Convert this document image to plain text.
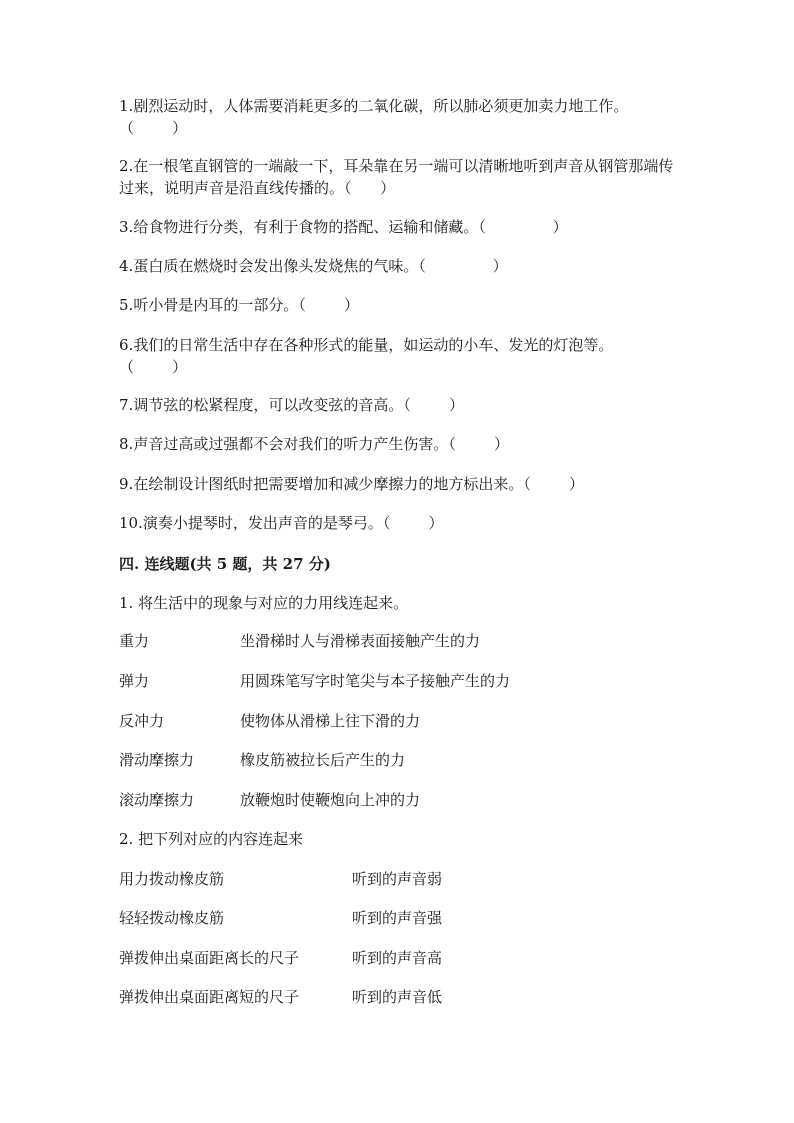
1.剧烈运动时，人体需要消耗更多的二氧化碳，所以肺必须更加卖力地工作。
（        ）

2.在一根笔直钢管的一端敲一下，耳朵靠在另一端可以清晰地听到声音从钢管那端传过来，说明声音是沿直线传播的。（      ）

3.给食物进行分类，有利于食物的搭配、运输和储藏。（              ）

4.蛋白质在燃烧时会发出像头发烧焦的气味。（              ）

5.听小骨是内耳的一部分。（        ）

6.我们的日常生活中存在各种形式的能量，如运动的小车、发光的灯泡等。
（        ）

7.调节弦的松紧程度，可以改变弦的音高。（        ）

8.声音过高或过强都不会对我们的听力产生伤害。（        ）

9.在绘制设计图纸时把需要增加和减少摩擦力的地方标出来。（        ）

10.演奏小提琴时，发出声音的是琴弓。（        ）

四. 连线题(共 5 题，共 27 分)

1. 将生活中的现象与对应的力用线连起来。

重力	坐滑梯时人与滑梯表面接触产生的力
弹力	用圆珠笔写字时笔尖与本子接触产生的力
反冲力	使物体从滑梯上往下滑的力
滑动摩擦力	橡皮筋被拉长后产生的力
滚动摩擦力	放鞭炮时使鞭炮向上冲的力

2. 把下列对应的内容连起来

用力拨动橡皮筋	听到的声音弱
轻轻拨动橡皮筋	听到的声音强
弹拨伸出桌面距离长的尺子	听到的声音高
弹拨伸出桌面距离短的尺子	听到的声音低
